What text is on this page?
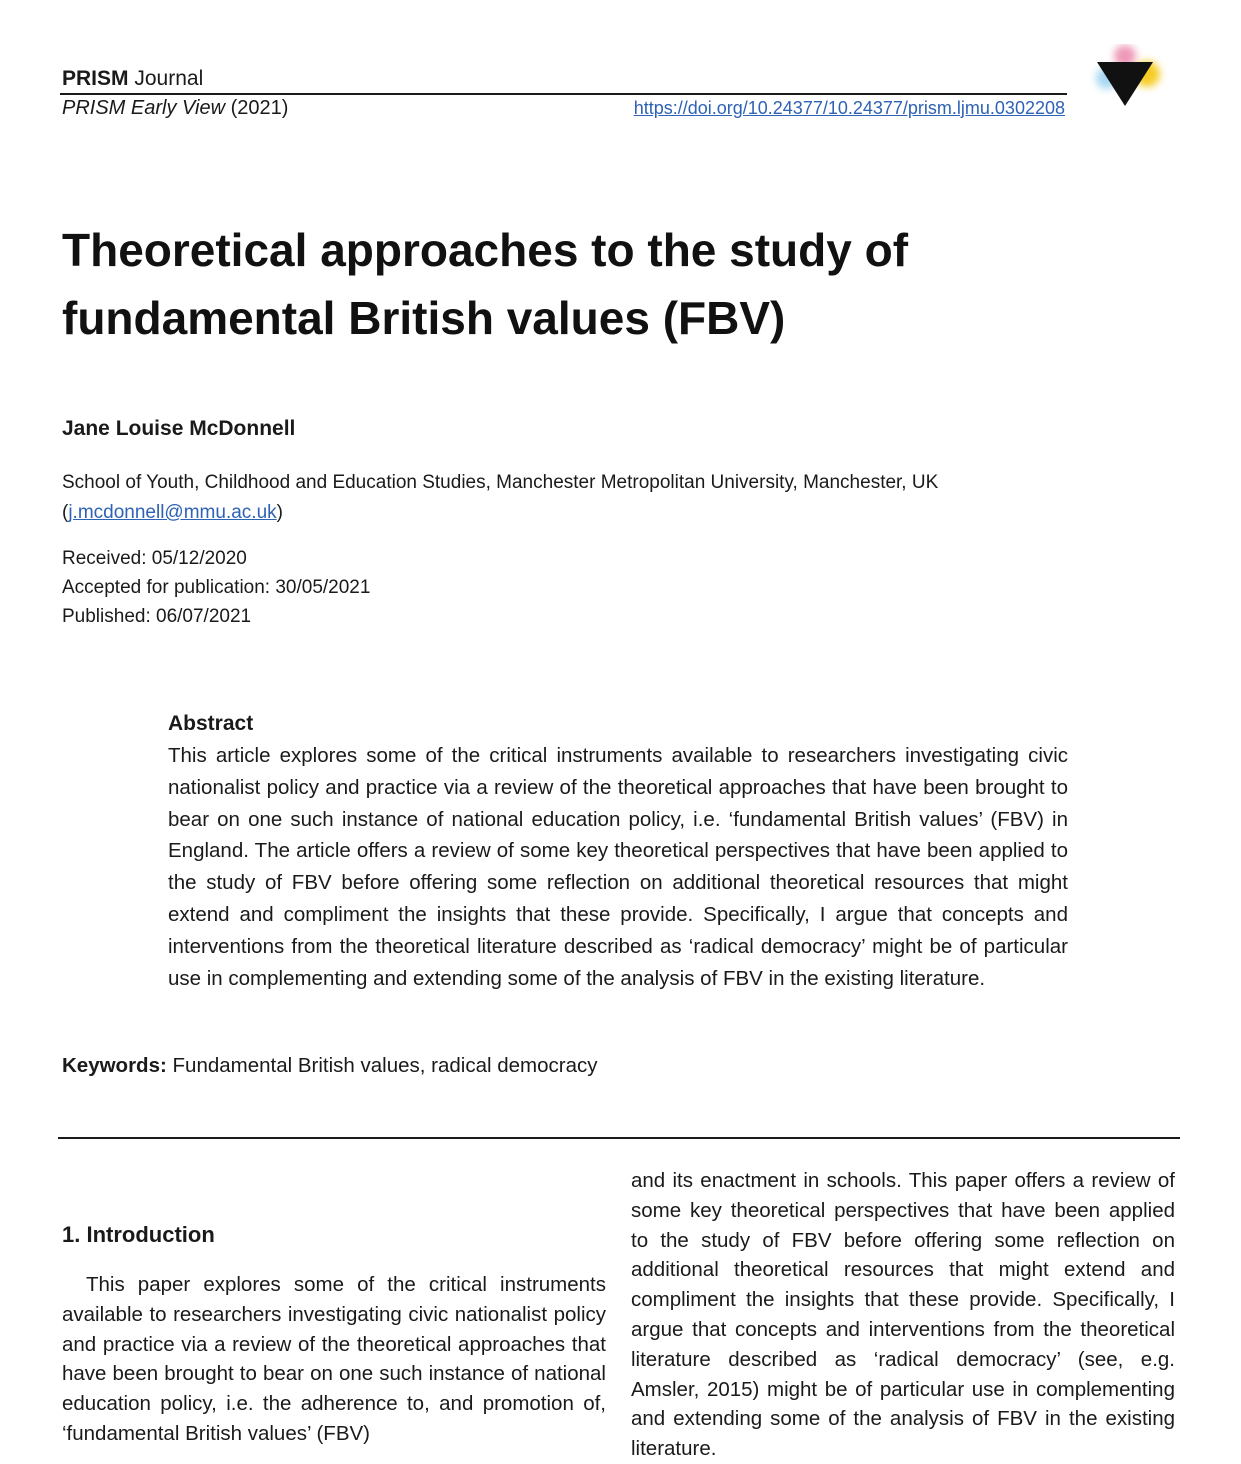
PRISM Journal
PRISM Early View (2021)	https://doi.org/10.24377/10.24377/prism.ljmu.0302208
Theoretical approaches to the study of fundamental British values (FBV)
Jane Louise McDonnell
School of Youth, Childhood and Education Studies, Manchester Metropolitan University, Manchester, UK
(j.mcdonnell@mmu.ac.uk)
Received: 05/12/2020
Accepted for publication: 30/05/2021
Published: 06/07/2021
Abstract
This article explores some of the critical instruments available to researchers investigating civic nationalist policy and practice via a review of the theoretical approaches that have been brought to bear on one such instance of national education policy, i.e. ‘fundamental British values’ (FBV) in England. The article offers a review of some key theoretical perspectives that have been applied to the study of FBV before offering some reflection on additional theoretical resources that might extend and compliment the insights that these provide. Specifically, I argue that concepts and interventions from the theoretical literature described as ‘radical democracy’ might be of particular use in complementing and extending some of the analysis of FBV in the existing literature.
Keywords: Fundamental British values, radical democracy
1. Introduction
This paper explores some of the critical instruments available to researchers investigating civic nationalist policy and practice via a review of the theoretical approaches that have been brought to bear on one such instance of national education policy, i.e. the adherence to, and promotion of, ‘fundamental British values’ (FBV)
and its enactment in schools. This paper offers a review of some key theoretical perspectives that have been applied to the study of FBV before offering some reflection on additional theoretical resources that might extend and compliment the insights that these provide. Specifically, I argue that concepts and interventions from the theoretical literature described as ‘radical democracy’ (see, e.g. Amsler, 2015) might be of particular use in complementing and extending some of the analysis of FBV in the existing literature.
